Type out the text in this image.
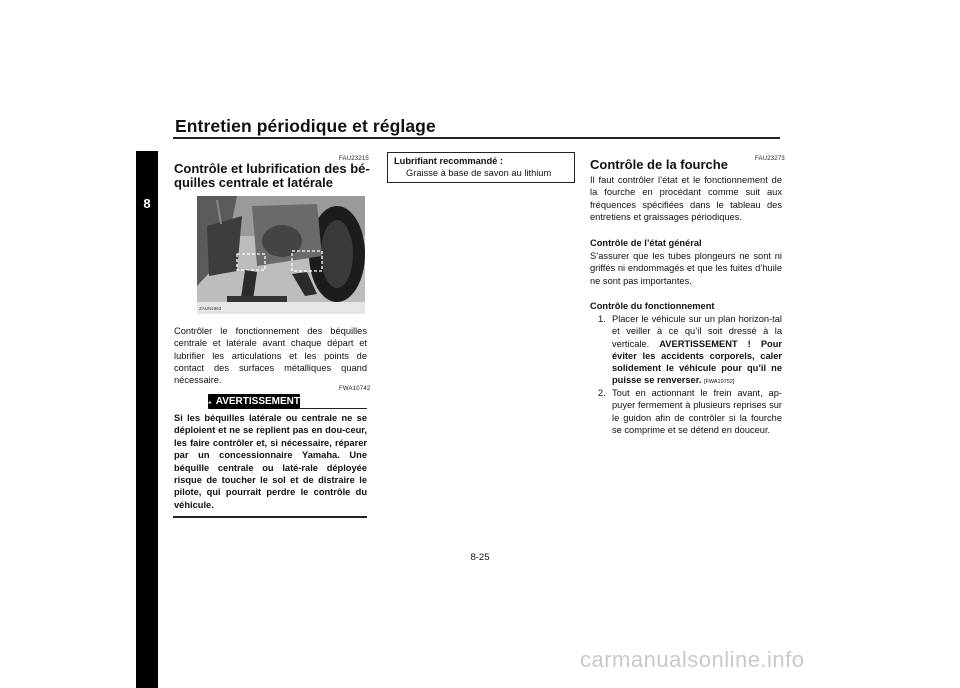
Entretien périodique et réglage
8
FAU23215
Contrôle et lubrification des bé-
quilles centrale et latérale
ZAUN1963
Contrôler le fonctionnement des béquilles centrale et latérale avant chaque départ et lubrifier les articulations et les points de contact des surfaces métalliques quand nécessaire.
FWA10742
AVERTISSEMENT
Si les béquilles latérale ou centrale ne se déploient et ne se replient pas en dou-ceur, les faire contrôler et, si nécessaire, réparer par un concessionnaire Yamaha. Une béquille centrale ou laté-rale déployée risque de toucher le sol et de distraire le pilote, qui pourrait perdre le contrôle du véhicule.
Lubrifiant recommandé :
Graisse à base de savon au lithium
FAU23273
Contrôle de la fourche
Il faut contrôler l’état et le fonctionnement de la fourche en procédant comme suit aux fréquences spécifiées dans le tableau des entretiens et graissages périodiques.
Contrôle de l’état général
S’assurer que les tubes plongeurs ne sont ni griffés ni endommagés et que les fuites d’huile ne sont pas importantes.
Contrôle du fonctionnement
1. Placer le véhicule sur un plan horizon-tal et veiller à ce qu’il soit dressé à la verticale. AVERTISSEMENT ! Pour éviter les accidents corporels, caler solidement le véhicule pour qu’il ne puisse se renverser. [FWA10752]
2. Tout en actionnant le frein avant, ap-puyer fermement à plusieurs reprises sur le guidon afin de contrôler si la fourche se comprime et se détend en douceur.
8-25
carmanualsonline.info
